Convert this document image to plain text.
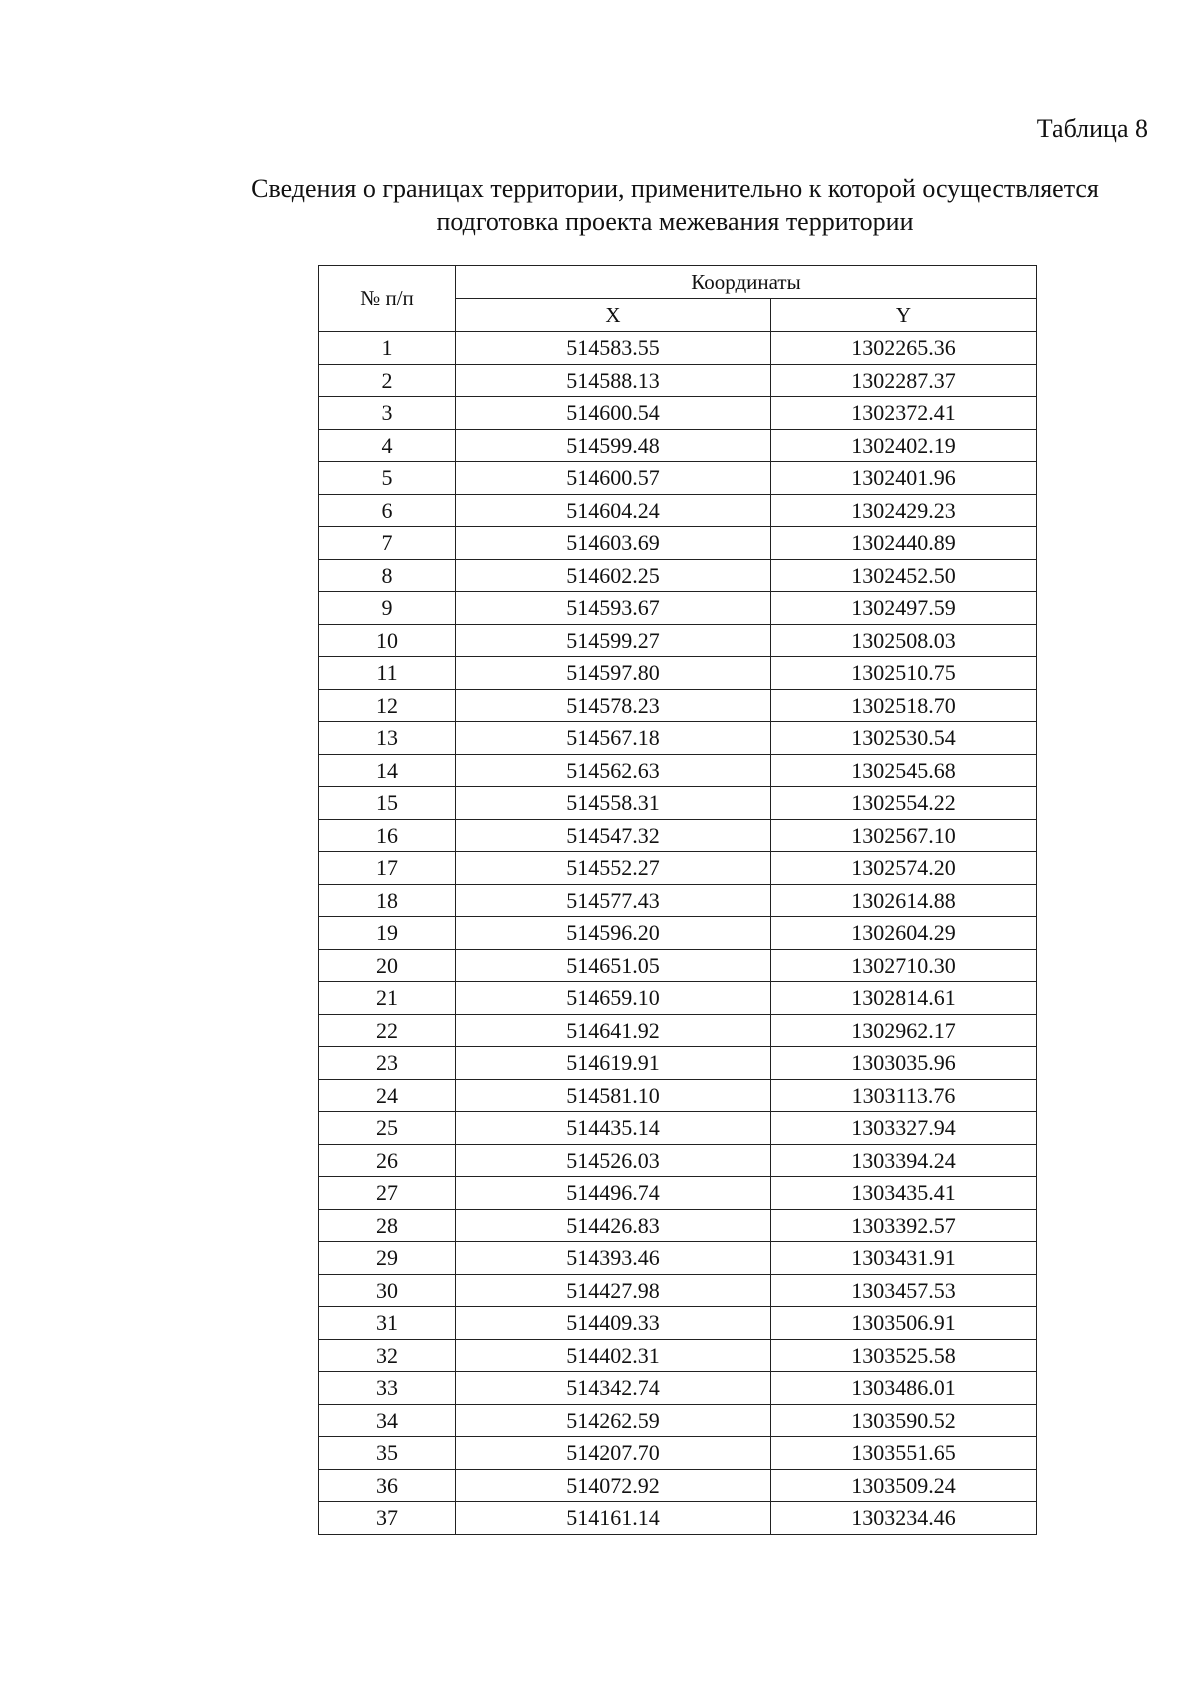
Таблица 8
Сведения о границах территории, применительно к которой осуществляется
подготовка проекта межевания территории
№ п/п	Координаты	
	X	Y
1	514583.55	1302265.36
2	514588.13	1302287.37
3	514600.54	1302372.41
4	514599.48	1302402.19
5	514600.57	1302401.96
6	514604.24	1302429.23
7	514603.69	1302440.89
8	514602.25	1302452.50
9	514593.67	1302497.59
10	514599.27	1302508.03
11	514597.80	1302510.75
12	514578.23	1302518.70
13	514567.18	1302530.54
14	514562.63	1302545.68
15	514558.31	1302554.22
16	514547.32	1302567.10
17	514552.27	1302574.20
18	514577.43	1302614.88
19	514596.20	1302604.29
20	514651.05	1302710.30
21	514659.10	1302814.61
22	514641.92	1302962.17
23	514619.91	1303035.96
24	514581.10	1303113.76
25	514435.14	1303327.94
26	514526.03	1303394.24
27	514496.74	1303435.41
28	514426.83	1303392.57
29	514393.46	1303431.91
30	514427.98	1303457.53
31	514409.33	1303506.91
32	514402.31	1303525.58
33	514342.74	1303486.01
34	514262.59	1303590.52
35	514207.70	1303551.65
36	514072.92	1303509.24
37	514161.14	1303234.46
